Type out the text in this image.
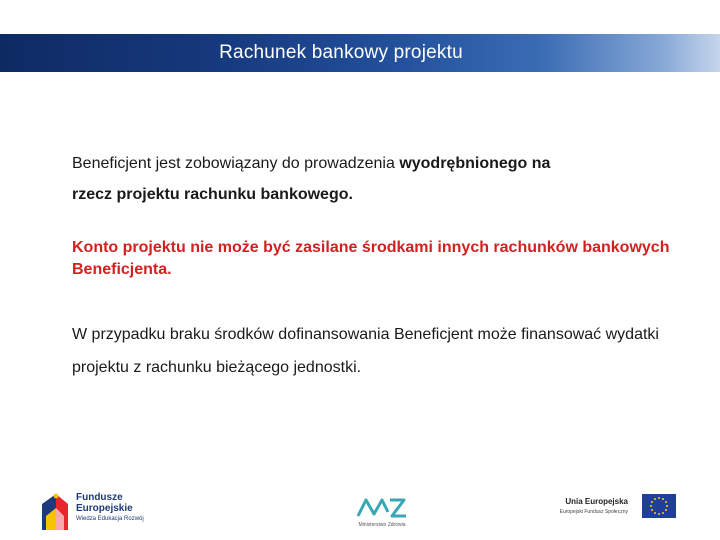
Rachunek bankowy projektu

Beneficjent jest zobowiązany do prowadzenia wyodrębnionego na
rzecz projektu rachunku bankowego.

Konto projektu nie może być zasilane środkami innych rachunków bankowych Beneficjenta.

W przypadku braku środków dofinansowania Beneficjent może finansować wydatki projektu z rachunku bieżącego jednostki.

Fundusze
Europejskie
Wiedza Edukacja Rozwój
Ministerstwo Zdrowia
Unia Europejska
Europejski Fundusz Społeczny
